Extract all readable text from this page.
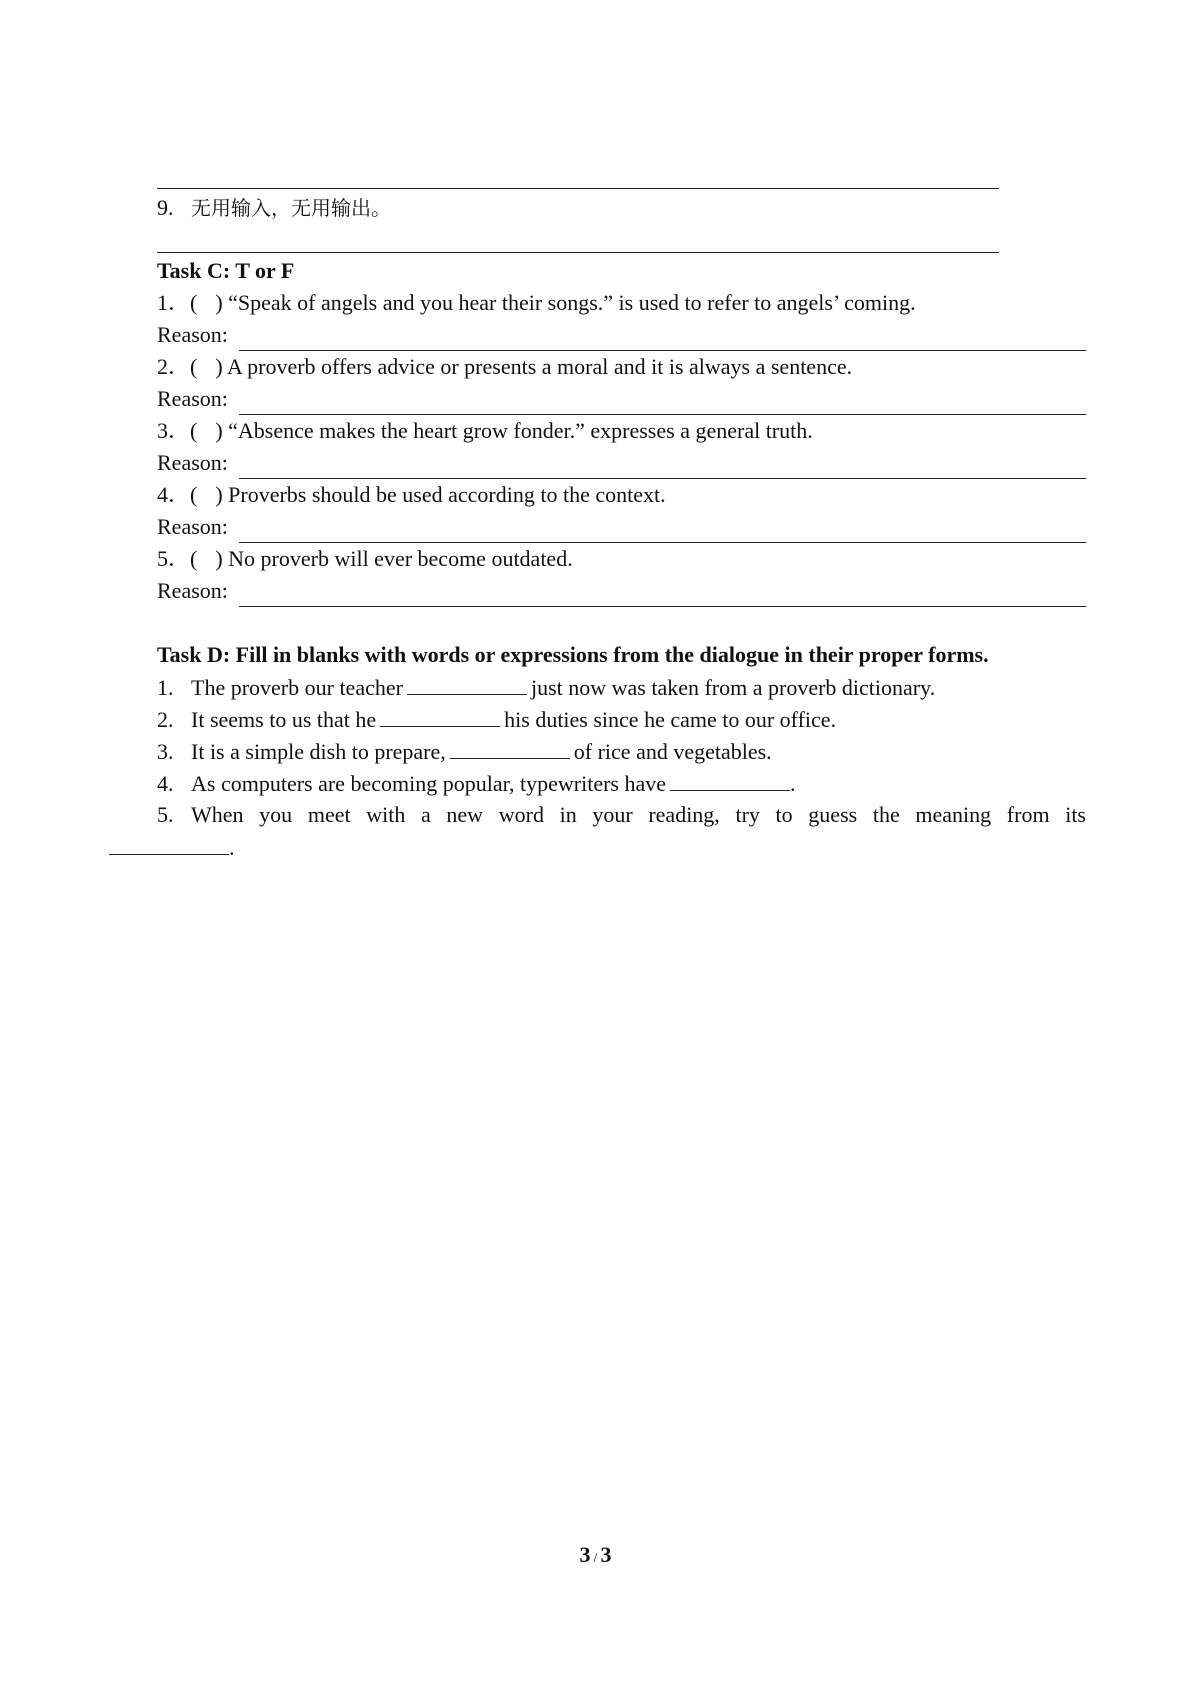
9. 无用输入，无用输出。
Task C: T or F
1．( ) “Speak of angels and you hear their songs.” is used to refer to angels’ coming.
Reason:
2．( ) A proverb offers advice or presents a moral and it is always a sentence.
Reason:
3．( ) “Absence makes the heart grow fonder.” expresses a general truth.
Reason:
4．( ) Proverbs should be used according to the context.
Reason:
5．( ) No proverb will ever become outdated.
Reason:
Task D: Fill in blanks with words or expressions from the dialogue in their proper forms.
1. The proverb our teacher	just now was taken from a proverb dictionary.
2. It seems to us that he	his duties since he came to our office.
3. It is a simple dish to prepare,	of rice and vegetables.
4. As computers are becoming popular, typewriters have	.
5. When you meet with a new word in your reading, try to guess the meaning from its
.
3 / 3
